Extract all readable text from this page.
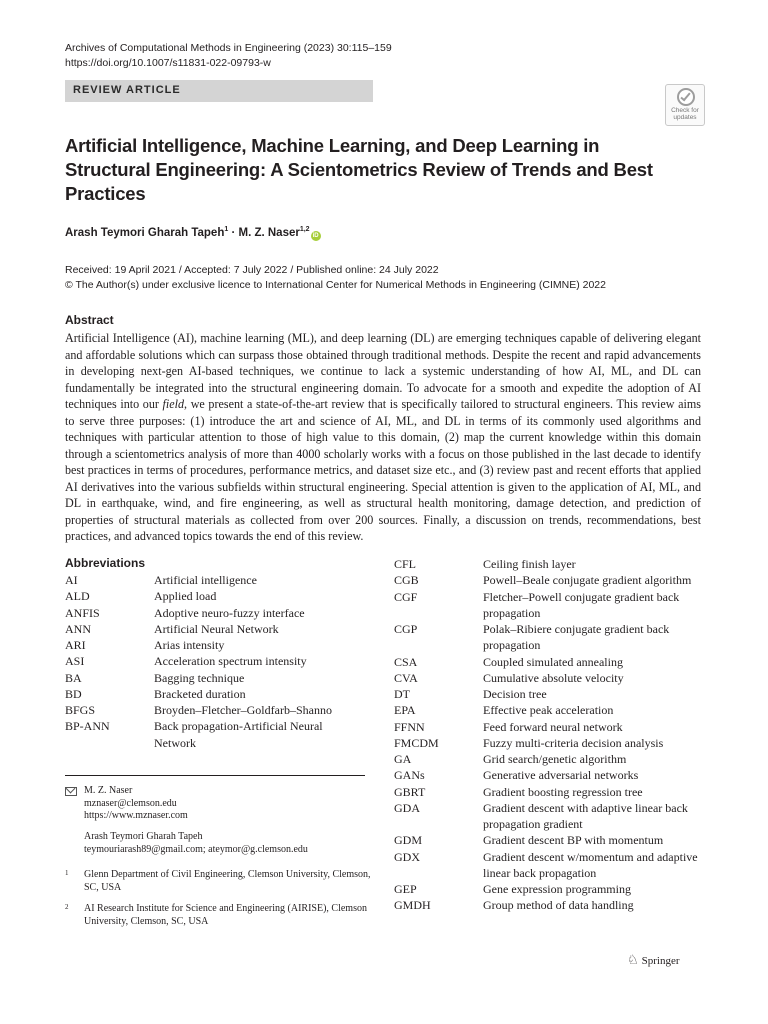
Archives of Computational Methods in Engineering (2023) 30:115–159
https://doi.org/10.1007/s11831-022-09793-w
REVIEW ARTICLE
Check for
updates
Artificial Intelligence, Machine Learning, and Deep Learning in Structural Engineering: A Scientometrics Review of Trends and Best Practices
Arash Teymori Gharah Tapeh$^1$ · M. Z. Naser$^{1,2}$iD
Received: 19 April 2021 / Accepted: 7 July 2022 / Published online: 24 July 2022
© The Author(s) under exclusive licence to International Center for Numerical Methods in Engineering (CIMNE) 2022
Abstract

Artificial Intelligence (AI), machine learning (ML), and deep learning (DL) are emerging techniques capable of delivering elegant and affordable solutions which can surpass those obtained through traditional methods. Despite the recent and rapid advancements in developing next-gen AI-based techniques, we continue to lack a systemic understanding of how AI, ML, and DL can fundamentally be integrated into the structural engineering domain. To advocate for a smooth and expedite the adoption of AI techniques into our field, we present a state-of-the-art review that is specifically tailored to structural engineers. This review aims to serve three purposes: (1) introduce the art and science of AI, ML, and DL in terms of its commonly used algorithms and techniques with particular attention to those of high value to this domain, (2) map the current knowledge within this domain through a scientometrics analysis of more than 4000 scholarly works with a focus on those published in the last decade to identify best practices in terms of procedures, performance metrics, and dataset size etc., and (3) review past and recent efforts that applied AI derivatives into the various subfields within structural engineering. Special attention is given to the application of AI, ML, and DL in earthquake, wind, and fire engineering, as well as structural health monitoring, damage detection, and prediction of properties of structural materials as collected from over 200 sources. Finally, a discussion on trends, recommendations, best practices, and advanced topics towards the end of this review.

Abbreviations
AI	Artificial intelligence
ALD	Applied load
ANFIS	Adoptive neuro-fuzzy interface
ANN	Artificial Neural Network
ARI	Arias intensity
ASI	Acceleration spectrum intensity
BA	Bagging technique
BD	Bracketed duration
BFGS	Broyden–Fletcher–Goldfarb–Shanno
BP-ANN	Back propagation-Artificial Neural Network
CFL	Ceiling finish layer
CGB	Powell–Beale conjugate gradient algorithm
CGF	Fletcher–Powell conjugate gradient back propagation
CGP	Polak–Ribiere conjugate gradient back propagation
CSA	Coupled simulated annealing
CVA	Cumulative absolute velocity
DT	Decision tree
EPA	Effective peak acceleration
FFNN	Feed forward neural network
FMCDM	Fuzzy multi-criteria decision analysis
GA	Grid search/genetic algorithm
GANs	Generative adversarial networks
GBRT	Gradient boosting regression tree
GDA	Gradient descent with adaptive linear back propagation gradient
GDM	Gradient descent BP with momentum
GDX	Gradient descent w/momentum and adaptive linear back propagation
GEP	Gene expression programming
GMDH	Group method of data handling
M. Z. Naser
mznaser@clemson.edu
https://www.mznaser.com
Arash Teymori Gharah Tapeh
teymouriarash89@gmail.com; ateymor@g.clemson.edu
1 Glenn Department of Civil Engineering, Clemson University, Clemson, SC, USA
2 AI Research Institute for Science and Engineering (AIRISE), Clemson University, Clemson, SC, USA
♘ Springer
